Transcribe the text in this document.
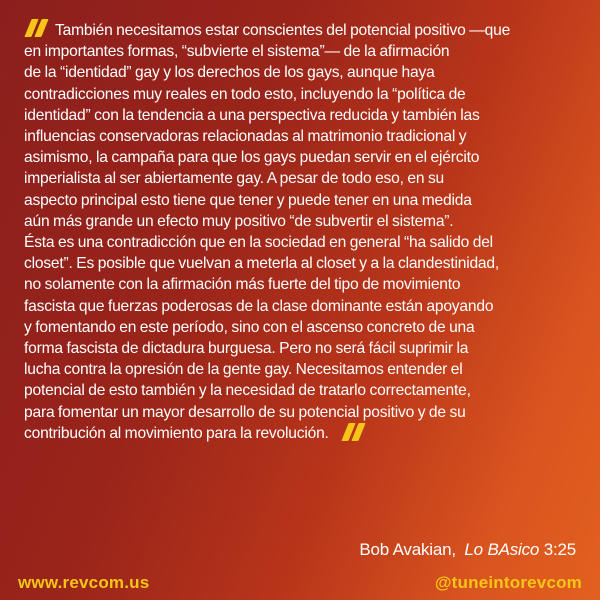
También necesitamos estar conscientes del potencial positivo —que
en importantes formas, “subvierte el sistema”— de la afirmación
de la “identidad” gay y los derechos de los gays, aunque haya
contradicciones muy reales en todo esto, incluyendo la “política de
identidad” con la tendencia a una perspectiva reducida y también las
influencias conservadoras relacionadas al matrimonio tradicional y
asimismo, la campaña para que los gays puedan servir en el ejército
imperialista al ser abiertamente gay. A pesar de todo eso, en su
aspecto principal esto tiene que tener y puede tener en una medida
aún más grande un efecto muy positivo “de subvertir el sistema”.
Ésta es una contradicción que en la sociedad en general “ha salido del
closet”. Es posible que vuelvan a meterla al closet y a la clandestinidad,
no solamente con la afirmación más fuerte del tipo de movimiento
fascista que fuerzas poderosas de la clase dominante están apoyando
y fomentando en este período, sino con el ascenso concreto de una
forma fascista de dictadura burguesa. Pero no será fácil suprimir la
lucha contra la opresión de la gente gay. Necesitamos entender el
potencial de esto también y la necesidad de tratarlo correctamente,
para fomentar un mayor desarrollo de su potencial positivo y de su
contribución al movimiento para la revolución.
Bob Avakian, Lo BAsico 3:25
www.revcom.us	@tuneintorevcom
